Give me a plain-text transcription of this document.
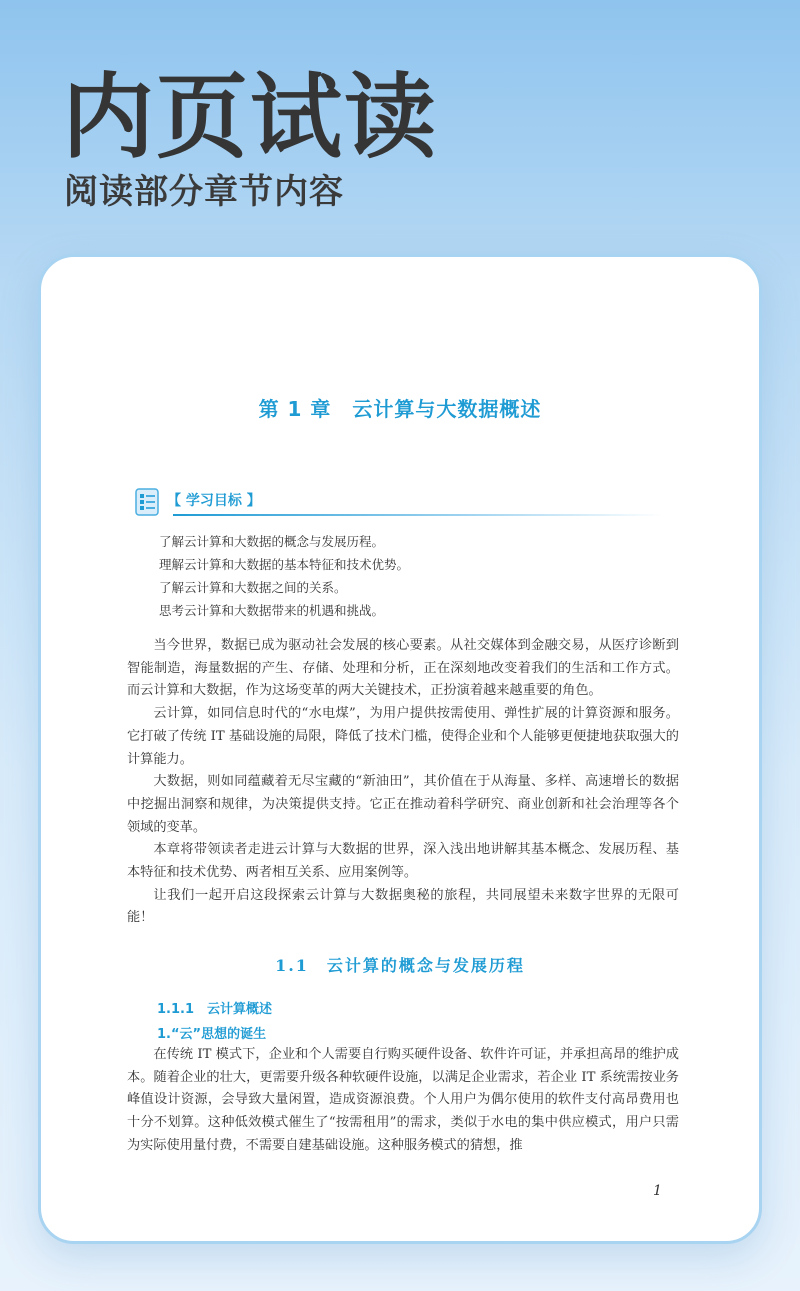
内页试读
阅读部分章节内容
第 1 章　云计算与大数据概述
【 学习目标 】
了解云计算和大数据的概念与发展历程。
理解云计算和大数据的基本特征和技术优势。
了解云计算和大数据之间的关系。
思考云计算和大数据带来的机遇和挑战。

当今世界，数据已成为驱动社会发展的核心要素。从社交媒体到金融交易，从医疗诊断到智能制造，海量数据的产生、存储、处理和分析，正在深刻地改变着我们的生活和工作方式。而云计算和大数据，作为这场变革的两大关键技术，正扮演着越来越重要的角色。

云计算，如同信息时代的“水电煤”，为用户提供按需使用、弹性扩展的计算资源和服务。它打破了传统 IT 基础设施的局限，降低了技术门槛，使得企业和个人能够更便捷地获取强大的计算能力。

大数据，则如同蕴藏着无尽宝藏的“新油田”，其价值在于从海量、多样、高速增长的数据中挖掘出洞察和规律，为决策提供支持。它正在推动着科学研究、商业创新和社会治理等各个领域的变革。

本章将带领读者走进云计算与大数据的世界，深入浅出地讲解其基本概念、发展历程、基本特征和技术优势、两者相互关系、应用案例等。

让我们一起开启这段探索云计算与大数据奥秘的旅程，共同展望未来数字世界的无限可能！

1.1　云计算的概念与发展历程
1.1.1　云计算概述
1.“云”思想的诞生

在传统 IT 模式下，企业和个人需要自行购买硬件设备、软件许可证，并承担高昂的维护成本。随着企业的壮大，更需要升级各种软硬件设施，以满足企业需求，若企业 IT 系统需按业务峰值设计资源，会导致大量闲置，造成资源浪费。个人用户为偶尔使用的软件支付高昂费用也十分不划算。这种低效模式催生了“按需租用”的需求，类似于水电的集中供应模式，用户只需为实际使用量付费，不需要自建基础设施。这种服务模式的猜想，推

1
